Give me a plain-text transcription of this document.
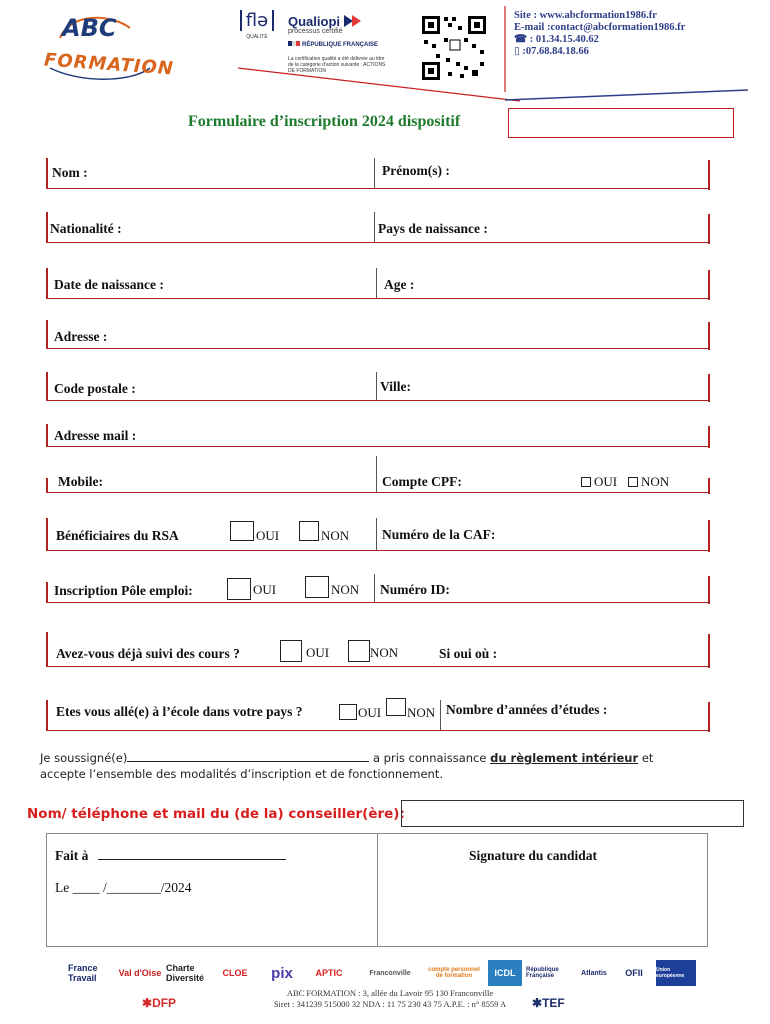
ABC
FORMATION
flə
QUALITÉ
Qualiopi
processus certifié
RÉPUBLIQUE FRANÇAISE
La certification qualité a été délivrée au titre de la catégorie d'action suivante : ACTIONS DE FORMATION
Site : www.abcformation1986.fr
E-mail :contact@abcformation1986.fr
☎ : 01.34.15.40.62
▯ :07.68.84.18.66
Formulaire d’inscription 2024 dispositif
Nom :	Prénom(s) :
Nationalité :	Pays de naissance :
Date de naissance :	Age :
Adresse :
Code postale :	Ville:
Adresse mail :
Mobile:	Compte CPF:	OUI NON
Bénéficiaires du RSA	OUI	NON Numéro de la CAF:
Inscription Pôle emploi:	OUI	NON Numéro ID:
Avez-vous déjà suivi des cours ?	OUI	NON	Si oui où :
Etes vous allé(e) à l’école dans votre pays ?	OUI NON Nombre d’années d’études :
Je soussigné(e)	a pris connaissance du règlement intérieur et
accepte l’ensemble des modalités d’inscription et de fonctionnement.
Nom/ téléphone et mail du (de la) conseiller(ère):
Fait à
Le ____ /________/2024
Signature du candidat
France Travail	Val d'Oise Charte Diversité	CLOE	pix	APTIC	Franconville	compte personnel de formation	ICDL	République Française	Atlantis	OFII	Union européenne
ABC FORMATION : 3, allée du Lavoir 95 130 Franconville
Siret : 341239 515000 32 NDA : 11 75 230 43 75 A.P.E. : n° 8559 A
✱DFP	✱TEF
